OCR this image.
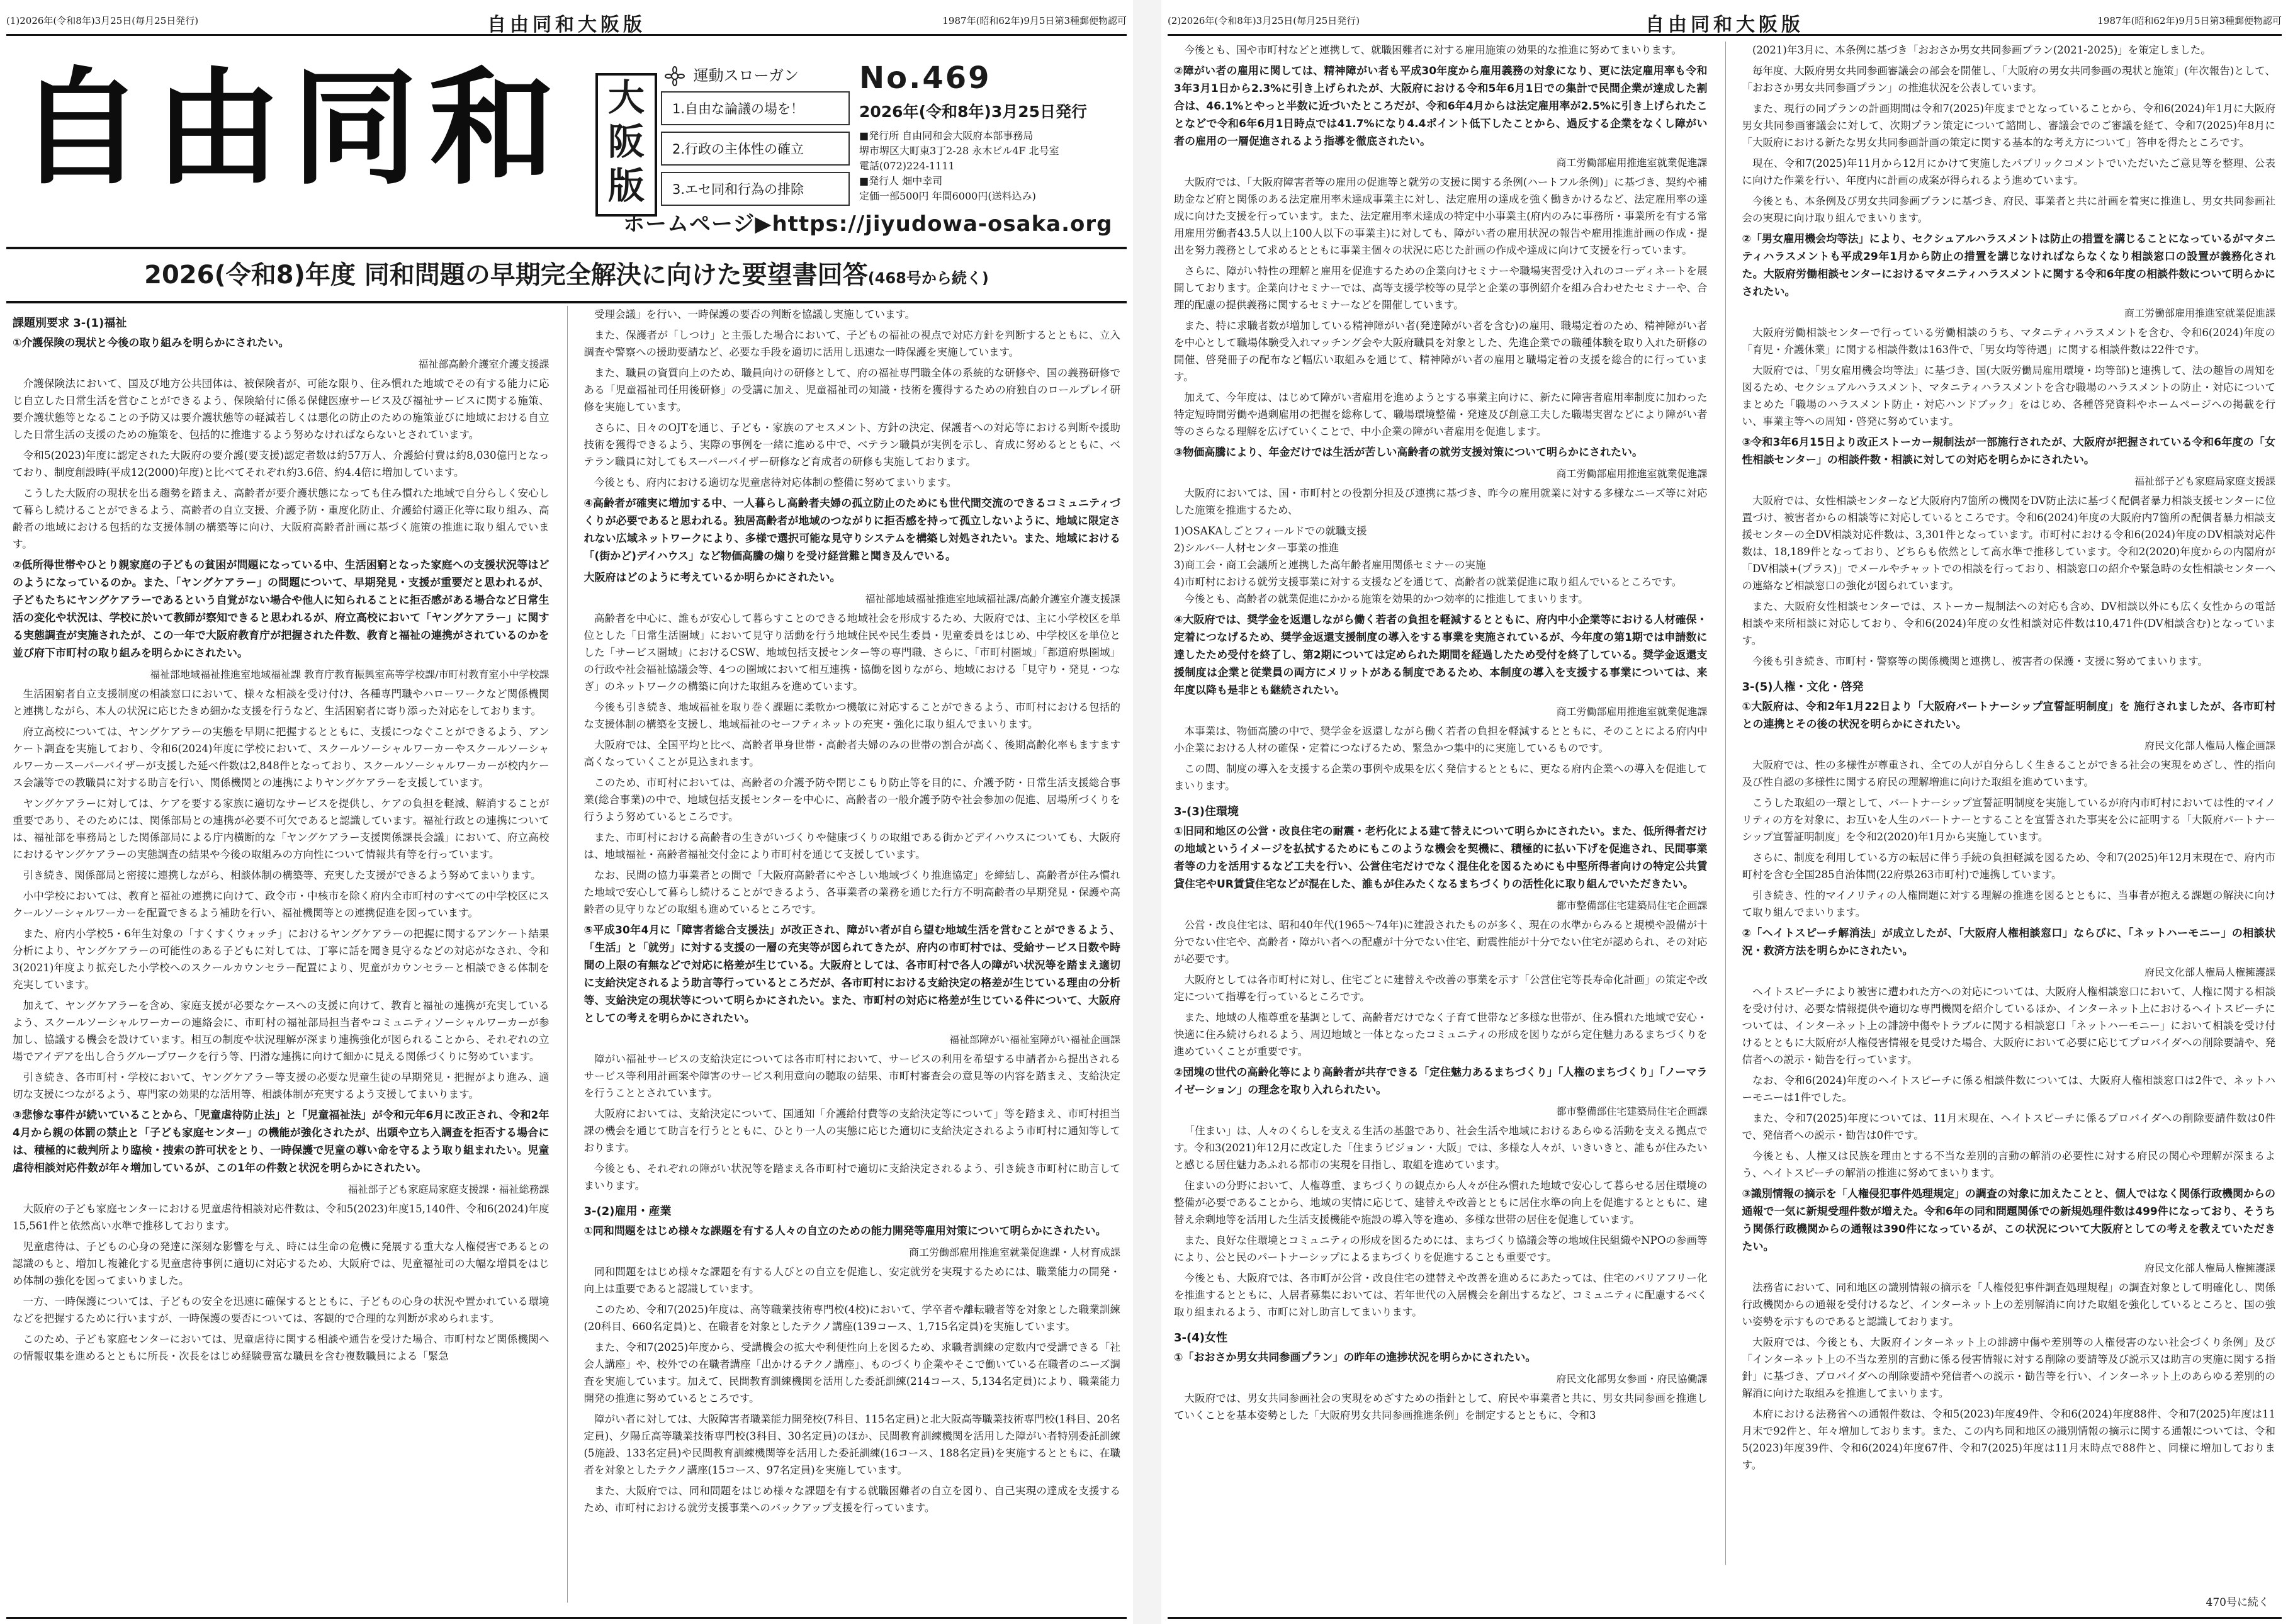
(1)2026年(令和8年)3月25日(毎月25日発行)	自由同和大阪版	1987年(昭和62年)9月5日第3種郵便物認可
自由同和	大阪版
運動スローガン
1.自由な論議の場を！
2.行政の主体性の確立
3.エセ同和行為の排除
No.469
2026年(令和8年)3月25日発行
■発行所 自由同和会大阪府本部事務局
堺市堺区大町東3丁2-28 永木ビル4F 北号室
電話(072)224-1111
■発行人 畑中幸司
定価一部500円 年間6000円(送料込み)
ホームページ▶https://jiyudowa-osaka.org
2026(令和8)年度 同和問題の早期完全解決に向けた要望書回答(468号から続く)
課題別要求 3-(1)福祉
①介護保険の現状と今後の取り組みを明らかにされたい。
福祉部高齢介護室介護支援課

介護保険法において、国及び地方公共団体は、被保険者が、可能な限り、住み慣れた地域でその有する能力に応じ自立した日常生活を営むことができるよう、保険給付に係る保健医療サービス及び福祉サービスに関する施策、要介護状態等となることの予防又は要介護状態等の軽減若しくは悪化の防止のための施策並びに地域における自立した日常生活の支援のための施策を、包括的に推進するよう努めなければならないとされています。

令和5(2023)年度に認定された大阪府の要介護(要支援)認定者数は約57万人、介護給付費は約8,030億円となっており、制度創設時(平成12(2000)年度)と比べてそれぞれ約3.6倍、約4.4倍に増加しています。

こうした大阪府の現状を出る趨勢を踏まえ、高齢者が要介護状態になっても住み慣れた地域で自分らしく安心して暮らし続けることができるよう、高齢者の自立支援、介護予防・重度化防止、介護給付適正化等に取り組み、高齢者の地域における包括的な支援体制の構築等に向け、大阪府高齢者計画に基づく施策の推進に取り組んでいます。

②低所得世帯やひとり親家庭の子どもの貧困が問題になっている中、生活困窮となった家庭への支援状況等はどのようになっているのか。また、「ヤングケアラー」の問題について、早期発見・支援が重要だと思われるが、子どもたちにヤングケアラーであるという自覚がない場合や他人に知られることに拒否感がある場合など日常生活の変化や状況は、学校に於いて教師が察知できると思われるが、府立高校において「ヤングケアラー」に関する実態調査が実施されたが、この一年で大阪府教育庁が把握された件数、教育と福祉の連携がされているのかを並び府下市町村の取り組みを明らかにされたい。
福祉部地域福祉推進室地域福祉課 教育庁教育振興室高等学校課/市町村教育室小中学校課

生活困窮者自立支援制度の相談窓口において、様々な相談を受け付け、各種専門職やハローワークなど関係機関と連携しながら、本人の状況に応じたきめ細かな支援を行うなど、生活困窮者に寄り添った対応をしております。

府立高校については、ヤングケアラーの実態を早期に把握するとともに、支援につなぐことができるよう、アンケート調査を実施しており、令和6(2024)年度に学校において、スクールソーシャルワーカーやスクールソーシャルワーカースーパーバイザーが支援した延べ件数は2,848件となっており、スクールソーシャルワーカーが校内ケース会議等での教職員に対する助言を行い、関係機関との連携によりヤングケアラーを支援しています。

ヤングケアラーに対しては、ケアを要する家族に適切なサービスを提供し、ケアの負担を軽減、解消することが重要であり、そのためには、関係部局との連携が必要不可欠であると認識しています。福祉行政との連携については、福祉部を事務局とした関係部局による庁内横断的な「ヤングケアラー支援関係課長会議」において、府立高校におけるヤングケアラーの実態調査の結果や今後の取組みの方向性について情報共有等を行っています。

引き続き、関係部局と密接に連携しながら、相談体制の構築等、充実した支援ができるよう努めてまいります。

小中学校においては、教育と福祉の連携に向けて、政令市・中核市を除く府内全市町村のすべての中学校区にスクールソーシャルワーカーを配置できるよう補助を行い、福祉機関等との連携促進を図っています。

また、府内小学校5・6年生対象の「すくすくウォッチ」におけるヤングケアラーの把握に関するアンケート結果分析により、ヤングケアラーの可能性のある子どもに対しては、丁寧に話を聞き見守るなどの対応がなされ、令和3(2021)年度より拡充した小学校へのスクールカウンセラー配置により、児童がカウンセラーと相談できる体制を充実しています。

加えて、ヤングケアラーを含め、家庭支援が必要なケースへの支援に向けて、教育と福祉の連携が充実しているよう、スクールソーシャルワーカーの連絡会に、市町村の福祉部局担当者やコミュニティソーシャルワーカーが参加し、協議する機会を設けています。相互の制度や状況理解が深まり連携強化が図られることから、それぞれの立場でアイデアを出し合うグループワークを行う等、円滑な連携に向けて細かに見える関係づくりに努めています。

引き続き、各市町村・学校において、ヤングケアラー等支援の必要な児童生徒の早期発見・把握がより進み、適切な支援につながるよう、専門家の効果的な活用等、相談体制が充実するよう支援してまいります。

③悲惨な事件が続いていることから、「児童虐待防止法」と「児童福祉法」が令和元年6月に改正され、令和2年4月から親の体罰の禁止と「子ども家庭センター」の機能が強化されたが、出頭や立ち入調査を拒否する場合には、積極的に裁判所より臨検・捜索の許可状をとり、一時保護で児童の尊い命を守るよう取り組まれたい。児童虐待相談対応件数が年々増加しているが、この1年の件数と状況を明らかにされたい。
福祉部子ども家庭局家庭支援課・福祉総務課

大阪府の子ども家庭センターにおける児童虐待相談対応件数は、令和5(2023)年度15,140件、令和6(2024)年度15,561件と依然高い水準で推移しております。

児童虐待は、子どもの心身の発達に深刻な影響を与え、時には生命の危機に発展する重大な人権侵害であるとの認識のもと、増加し複雑化する児童虐待事例に適切に対応するため、大阪府では、児童福祉司の大幅な増員をはじめ体制の強化を図ってまいりました。

一方、一時保護については、子どもの安全を迅速に確保するとともに、子どもの心身の状況や置かれている環境などを把握するために行いますが、一時保護の要否については、客観的で合理的な判断が求められます。

このため、子ども家庭センターにおいては、児童虐待に関する相談や通告を受けた場合、市町村など関係機関への情報収集を進めるとともに所長・次長をはじめ経験豊富な職員を含む複数職員による「緊急

受理会議」を行い、一時保護の要否の判断を協議し実施しています。

また、保護者が「しつけ」と主張した場合において、子どもの福祉の視点で対応方針を判断するとともに、立入調査や警察への援助要請など、必要な手段を適切に活用し迅速な一時保護を実施しています。

また、職員の資質向上のため、職員向けの研修として、府の福祉専門職全体の系統的な研修や、国の義務研修である「児童福祉司任用後研修」の受講に加え、児童福祉司の知識・技術を獲得するための府独自のロールプレイ研修を実施しています。

さらに、日々のOJTを通じ、子ども・家族のアセスメント、方針の決定、保護者への対応等における判断や援助技術を獲得できるよう、実際の事例を一緒に進める中で、ベテラン職員が実例を示し、育成に努めるとともに、ベテラン職員に対してもスーパーバイザー研修など育成者の研修も実施しております。

今後とも、府内における適切な児童虐待対応体制の整備に努めてまいります。

④高齢者が確実に増加する中、一人暮らし高齢者夫婦の孤立防止のためにも世代間交流のできるコミュニティづくりが必要であると思われる。独居高齢者が地域のつながりに拒否感を持って孤立しないように、地域に限定されない広域ネットワークにより、多様で選択可能な見守りシステムを構築し対処されたい。また、地域における「(街かど)デイハウス」など物価高騰の煽りを受け経営難と聞き及んでいる。
大阪府はどのように考えているか明らかにされたい。
福祉部地域福祉推進室地域福祉課/高齢介護室介護支援課

高齢者を中心に、誰もが安心して暮らすことのできる地域社会を形成するため、大阪府では、主に小学校区を単位とした「日常生活圏域」において見守り活動を行う地域住民や民生委員・児童委員をはじめ、中学校区を単位とした「サービス圏域」におけるCSW、地域包括支援センター等の専門職、さらに、「市町村圏域」「都道府県圏域」の行政や社会福祉協議会等、4つの圏域において相互連携・協働を図りながら、地域における「見守り・発見・つなぎ」のネットワークの構築に向けた取組みを進めています。

今後も引き続き、地域福祉を取り巻く課題に柔軟かつ機敏に対応することができるよう、市町村における包括的な支援体制の構築を支援し、地域福祉のセーフティネットの充実・強化に取り組んでまいります。

大阪府では、全国平均と比べ、高齢者単身世帯・高齢者夫婦のみの世帯の割合が高く、後期高齢化率もますます高くなっていくことが見込まれます。

このため、市町村においては、高齢者の介護予防や閉じこもり防止等を目的に、介護予防・日常生活支援総合事業(総合事業)の中で、地域包括支援センターを中心に、高齢者の一般介護予防や社会参加の促進、居場所づくりを行うよう努めているところです。

また、市町村における高齢者の生きがいづくりや健康づくりの取組である街かどデイハウスについても、大阪府は、地域福祉・高齢者福祉交付金により市町村を通じて支援しています。

なお、民間の協力事業者との間で「大阪府高齢者にやさしい地域づくり推進協定」を締結し、高齢者が住み慣れた地域で安心して暮らし続けることができるよう、各事業者の業務を通じた行方不明高齢者の早期発見・保護や高齢者の見守りなどの取組も進めているところです。

⑤平成30年4月に「障害者総合支援法」が改正され、障がい者が自ら望む地域生活を営むことができるよう、「生活」と「就労」に対する支援の一層の充実等が図られてきたが、府内の市町村では、受給サービス日数や時間の上限の有無などで対応に格差が生じている。大阪府としては、各市町村で各人の障がい状況等を踏まえ適切に支給決定されるよう助言等行っているところだが、各市町村における支給決定の格差が生じている理由の分析等、支給決定の現状等について明らかにされたい。また、市町村の対応に格差が生じている件について、大阪府としての考えを明らかにされたい。
福祉部障がい福祉室障がい福祉企画課

障がい福祉サービスの支給決定については各市町村において、サービスの利用を希望する申請者から提出されるサービス等利用計画案や障害のサービス利用意向の聴取の結果、市町村審査会の意見等の内容を踏まえ、支給決定を行うこととされています。

大阪府においては、支給決定について、国通知「介護給付費等の支給決定等について」等を踏まえ、市町村担当課の機会を通じて助言を行うとともに、ひとり一人の実態に応じた適切に支給決定されるよう市町村に通知等しております。

今後とも、それぞれの障がい状況等を踏まえ各市町村で適切に支給決定されるよう、引き続き市町村に助言してまいります。

3-(2)雇用・産業
①同和問題をはじめ様々な課題を有する人々の自立のための能力開発等雇用対策について明らかにされたい。
商工労働部雇用推進室就業促進課・人材育成課

同和問題をはじめ様々な課題を有する人びとの自立を促進し、安定就労を実現するためには、職業能力の開発・向上は重要であると認識しています。

このため、令和7(2025)年度は、高等職業技術専門校(4校)において、学卒者や離転職者等を対象とした職業訓練(20科目、660名定員)と、在職者を対象としたテクノ講座(139コース、1,715名定員)を実施しています。

また、令和7(2025)年度から、受講機会の拡大や利便性向上を図るため、求職者訓練の定数内で受講できる「社会人講座」や、校外での在職者講座「出かけるテクノ講座」、ものづくり企業やそこで働いている在職者のニーズ調査を実施しています。加えて、民間教育訓練機関を活用した委託訓練(214コース、5,134名定員)により、職業能力開発の推進に努めているところです。

障がい者に対しては、大阪障害者職業能力開発校(7科目、115名定員)と北大阪高等職業技術専門校(1科目、20名定員)、夕陽丘高等職業技術専門校(3科目、30名定員)のほか、民間教育訓練機関を活用した障がい者特別委託訓練(5施設、133名定員)や民間教育訓練機関等を活用した委託訓練(16コース、188名定員)を実施するとともに、在職者を対象としたテクノ講座(15コース、97名定員)を実施しています。

また、大阪府では、同和問題をはじめ様々な課題を有する就職困難者の自立を図り、自己実現の達成を支援するため、市町村における就労支援事業へのバックアップ支援を行っています。

(2)2026年(令和8年)3月25日(毎月25日発行)	自由同和大阪版	1987年(昭和62年)9月5日第3種郵便物認可

今後とも、国や市町村などと連携して、就職困難者に対する雇用施策の効果的な推進に努めてまいります。

②障がい者の雇用に関しては、精神障がい者も平成30年度から雇用義務の対象になり、更に法定雇用率も令和3年3月1日から2.3%に引き上げられたが、大阪府における令和5年6月1日での集計で民間企業が達成した割合は、46.1%とやっと半数に近づいたところだが、令和6年4月からは法定雇用率が2.5%に引き上げられたことなどで令和6年6月1日時点では41.7%になり4.4ポイント低下したことから、過反する企業をなくし障がい者の雇用の一層促進されるよう指導を徹底されたい。
商工労働部雇用推進室就業促進課

大阪府では、「大阪府障害者等の雇用の促進等と就労の支援に関する条例(ハートフル条例)」に基づき、契約や補助金など府と関係のある法定雇用率未達成事業主に対し、法定雇用の達成を強く働きかけるなど、法定雇用率の達成に向けた支援を行っています。また、法定雇用率未達成の特定中小事業主(府内のみに事務所・事業所を有する常用雇用労働者43.5人以上100人以下の事業主)に対しても、障がい者の雇用状況の報告や雇用推進計画の作成・提出を努力義務として求めるとともに事業主個々の状況に応じた計画の作成や達成に向けて支援を行っています。

さらに、障がい特性の理解と雇用を促進するための企業向けセミナーや職場実習受け入れのコーディネートを展開しております。企業向けセミナーでは、高等支援学校等の見学と企業の事例紹介を組み合わせたセミナーや、合理的配慮の提供義務に関するセミナーなどを開催しています。

また、特に求職者数が増加している精神障がい者(発達障がい者を含む)の雇用、職場定着のため、精神障がい者を中心として職場体験受入れマッチング会や大阪府職員を対象とした、先進企業での職種体験を取り入れた研修の開催、啓発冊子の配布など幅広い取組みを通じて、精神障がい者の雇用と職場定着の支援を総合的に行っています。

加えて、今年度は、はじめて障がい者雇用を進めようとする事業主向けに、新たに障害者雇用率制度に加わった特定短時間労働や過剰雇用の把握を総称して、職場環境整備・発達及び創意工夫した職場実習などにより障がい者等のさらなる理解を広げていくことで、中小企業の障がい者雇用を促進します。

③物価高騰により、年金だけでは生活が苦しい高齢者の就労支援対策について明らかにされたい。
商工労働部雇用推進室就業促進課

大阪府においては、国・市町村との役割分担及び連携に基づき、昨今の雇用就業に対する多様なニーズ等に対応した施策を推進するため、

1)OSAKAしごとフィールドでの就職支援
2)シルバー人材センター事業の推進
3)商工会・商工会議所と連携した高年齢者雇用関係セミナーの実施
4)市町村における就労支援事業に対する支援などを通じて、高齢者の就業促進に取り組んでいるところです。

今後とも、高齢者の就業促進にかかる施策を効果的かつ効率的に推進してまいります。

④大阪府では、奨学金を返還しながら働く若者の負担を軽減するとともに、府内中小企業等における人材確保・定着につなげるため、奨学金返還支援制度の導入をする事業を実施されているが、今年度の第1期では申請数に達したため受付を終了し、第2期については定められた期間を経過したため受付を終了している。奨学金返還支援制度は企業と従業員の両方にメリットがある制度であるため、本制度の導入を支援する事業については、来年度以降も是非とも継続されたい。
商工労働部雇用推進室就業促進課

本事業は、物価高騰の中で、奨学金を返還しながら働く若者の負担を軽減するとともに、そのことによる府内中小企業における人材の確保・定着につなげるため、緊急かつ集中的に実施しているものです。

この間、制度の導入を支援する企業の事例や成果を広く発信するとともに、更なる府内企業への導入を促進してまいります。

3-(3)住環境
①旧同和地区の公営・改良住宅の耐震・老朽化による建て替えについて明らかにされたい。また、低所得者だけの地域というイメージを払拭するためにもこのような機会を契機に、積極的に払い下げを促進され、民間事業者等の力を活用するなど工夫を行い、公営住宅だけでなく混住化を図るためにも中堅所得者向けの特定公共賃貸住宅やUR賃貸住宅などが混在した、誰もが住みたくなるまちづくりの活性化に取り組んでいただきたい。
都市整備部住宅建築局住宅企画課

公営・改良住宅は、昭和40年代(1965〜74年)に建設されたものが多く、現在の水準からみると規模や設備が十分でない住宅や、高齢者・障がい者への配慮が十分でない住宅、耐震性能が十分でない住宅が認められ、その対応が必要です。

大阪府としては各市町村に対し、住宅ごとに建替えや改善の事業を示す「公営住宅等長寿命化計画」の策定や改定について指導を行っているところです。

また、地域の人権尊重を基調として、高齢者だけでなく子育て世帯など多様な世帯が、住み慣れた地域で安心・快適に住み続けられるよう、周辺地域と一体となったコミュニティの形成を図りながら定住魅力あるまちづくりを進めていくことが重要です。

②団塊の世代の高齢化等により高齢者が共存できる「定住魅力あるまちづくり」「人権のまちづくり」「ノーマライゼーション」の理念を取り入れられたい。
都市整備部住宅建築局住宅企画課

「住まい」は、人々のくらしを支える生活の基盤であり、社会生活や地域におけるあらゆる活動を支える拠点です。令和3(2021)年12月に改定した「住まうビジョン・大阪」では、多様な人々が、いきいきと、誰もが住みたいと感じる居住魅力あふれる都市の実現を目指し、取組を進めています。

住まいの分野において、人権尊重、まちづくりの観点から人々が住み慣れた地域で安心して暮らせる居住環境の整備が必要であることから、地域の実情に応じて、建替えや改善とともに居住水準の向上を促進するとともに、建替え余剰地等を活用した生活支援機能や施設の導入等を進め、多様な世帯の居住を促進しています。

また、良好な住環境とコミュニティの形成を図るためには、まちづくり協議会等の地域住民組織やNPOの参画等により、公と民のパートナーシップによるまちづくりを促進することも重要です。

今後とも、大阪府では、各市町が公営・改良住宅の建替えや改善を進めるにあたっては、住宅のバリアフリー化を推進するとともに、人居者募集においては、若年世代の入居機会を創出するなど、コミュニティに配慮するべく取り組まれるよう、市町に対し助言してまいります。

3-(4)女性
①「おおさか男女共同参画プラン」の昨年の進捗状況を明らかにされたい。
府民文化部男女参画・府民協働課

大阪府では、男女共同参画社会の実現をめざすための指針として、府民や事業者と共に、男女共同参画を推進していくことを基本姿勢とした「大阪府男女共同参画推進条例」を制定するとともに、令和3

(2021)年3月に、本条例に基づき「おおさか男女共同参画プラン(2021-2025)」を策定しました。

毎年度、大阪府男女共同参画審議会の部会を開催し、「大阪府の男女共同参画の現状と施策」(年次報告)として、「おおさか男女共同参画プラン」の推進状況を公表しています。

また、現行の同プランの計画期間は令和7(2025)年度までとなっていることから、令和6(2024)年1月に大阪府男女共同参画審議会に対して、次期プラン策定について諮問し、審議会でのご審議を経て、令和7(2025)年8月に「大阪府における新たな男女共同参画計画の策定に関する基本的な考え方について」答申を得たところです。

現在、令和7(2025)年11月から12月にかけて実施したパブリックコメントでいただいたご意見等を整理、公表に向けた作業を行い、年度内に計画の成案が得られるよう進めています。

今後とも、本条例及び男女共同参画プランに基づき、府民、事業者と共に計画を着実に推進し、男女共同参画社会の実現に向け取り組んでまいります。

②「男女雇用機会均等法」により、セクシュアルハラスメントは防止の措置を講じることになっているがマタニティハラスメントも平成29年1月から防止の措置を講じなければならなくなり相談窓口の設置が義務化された。大阪府労働相談センターにおけるマタニティハラスメントに関する令和6年度の相談件数について明らかにされたい。
商工労働部雇用推進室就業促進課

大阪府労働相談センターで行っている労働相談のうち、マタニティハラスメントを含む、令和6(2024)年度の「育児・介護休業」に関する相談件数は163件で、「男女均等待遇」に関する相談件数は22件です。

大阪府では、「男女雇用機会均等法」に基づき、国(大阪労働局雇用環境・均等部)と連携して、法の趣旨の周知を図るため、セクシュアルハラスメント、マタニティハラスメントを含む職場のハラスメントの防止・対応についてまとめた「職場のハラスメント防止・対応ハンドブック」をはじめ、各種啓発資料やホームページへの掲載を行い、事業主等への周知・啓発に努めています。

③令和3年6月15日より改正ストーカー規制法が一部施行されたが、大阪府が把握されている令和6年度の「女性相談センター」の相談件数・相談に対しての対応を明らかにされたい。
福祉部子ども家庭局家庭支援課

大阪府では、女性相談センターなど大阪府内7箇所の機関をDV防止法に基づく配偶者暴力相談支援センターに位置づけ、被害者からの相談等に対応しているところです。令和6(2024)年度の大阪府内7箇所の配偶者暴力相談支援センターの全DV相談対応件数は、3,301件となっています。市町村における令和6(2024)年度のDV相談対応件数は、18,189件となっており、どちらも依然として高水準で推移しています。令和2(2020)年度からの内閣府が「DV相談+(プラス)」でメールやチャットでの相談を行っており、相談窓口の紹介や緊急時の女性相談センターへの連絡など相談窓口の強化が図られています。

また、大阪府女性相談センターでは、ストーカー規制法への対応も含め、DV相談以外にも広く女性からの電話相談や来所相談に対応しており、令和6(2024)年度の女性相談対応件数は10,471件(DV相談含む)となっています。

今後も引き続き、市町村・警察等の関係機関と連携し、被害者の保護・支援に努めてまいります。

3-(5)人権・文化・啓発
①大阪府は、令和2年1月22日より「大阪府パートナーシップ宣誓証明制度」を 施行されましたが、各市町村との連携とその後の状況を明らかにされたい。
府民文化部人権局人権企画課

大阪府では、性の多様性が尊重され、全ての人が自分らしく生きることができる社会の実現をめざし、性的指向及び性自認の多様性に関する府民の理解増進に向けた取組を進めています。

こうした取組の一環として、パートナーシップ宣誓証明制度を実施しているが府内市町村においては性的マイノリティの方を対象に、お互いを人生のパートナーとすることを宣誓された事実を公に証明する「大阪府パートナーシップ宣誓証明制度」を令和2(2020)年1月から実施しています。

さらに、制度を利用している方の転居に伴う手続の負担軽減を図るため、令和7(2025)年12月末現在で、府内市町村を含む全国285自治体間(22府県263市町村)で連携しています。

引き続き、性的マイノリティの人権問題に対する理解の推進を図るとともに、当事者が抱える課題の解決に向けて取り組んでまいります。

②「ヘイトスピーチ解消法」が成立したが、「大阪府人権相談窓口」ならびに、「ネットハーモニー」の相談状況・救済方法を明らかにされたい。
府民文化部人権局人権擁護課

ヘイトスピーチにより被害に遭われた方への対応については、大阪府人権相談窓口において、人権に関する相談を受け付け、必要な情報提供や適切な専門機関を紹介しているほか、インターネット上におけるヘイトスピーチについては、インターネット上の誹謗中傷やトラブルに関する相談窓口「ネットハーモニー」において相談を受け付けるとともに大阪府が人権侵害情報を見受けた場合、大阪府において必要に応じてプロバイダへの削除要請や、発信者への説示・勧告を行っています。

なお、令和6(2024)年度のヘイトスピーチに係る相談件数については、大阪府人権相談窓口は2件で、ネットハーモニーは1件でした。

また、令和7(2025)年度については、11月末現在、ヘイトスピーチに係るプロバイダへの削除要請件数は0件で、発信者への説示・勧告は0件です。

今後とも、人権又は民族を理由とする不当な差別的言動の解消の必要性に対する府民の関心や理解が深まるよう、ヘイトスピーチの解消の推進に努めてまいります。

③識別情報の摘示を「人権侵犯事件処理規定」の調査の対象に加えたことと、個人ではなく関係行政機関からの通報で一気に新規受理件数が増えた。令和6年の同和問題関係での新規処理件数は499件になっており、そうちう関係行政機関からの通報は390件になっているが、この状況について大阪府としての考えを教えていただきたい。
府民文化部人権局人権擁護課

法務省において、同和地区の識別情報の摘示を「人権侵犯事件調査処理規程」の調査対象として明確化し、関係行政機関からの通報を受付けるなど、インターネット上の差別解消に向けた取組を強化しているところと、国の強い姿勢を示すものであると認識しております。

大阪府では、今後とも、大阪府インターネット上の誹謗中傷や差別等の人権侵害のない社会づくり条例」及び「インターネット上の不当な差別的言動に係る侵害情報に対する削除の要請等及び説示又は助言の実施に関する指針」に基づき、プロバイダへの削除要請や発信者への説示・勧告等を行い、インターネット上のあらゆる差別的の解消に向けた取組みを推進してまいります。

本府における法務省への通報件数は、令和5(2023)年度49件、令和6(2024)年度88件、令和7(2025)年度は11月末で92件と、年々増加しております。また、この内ち同和地区の識別情報の摘示に関する通報については、令和5(2023)年度39件、令和6(2024)年度67件、令和7(2025)年度は11月末時点で88件と、同様に増加しております。

470号に続く
